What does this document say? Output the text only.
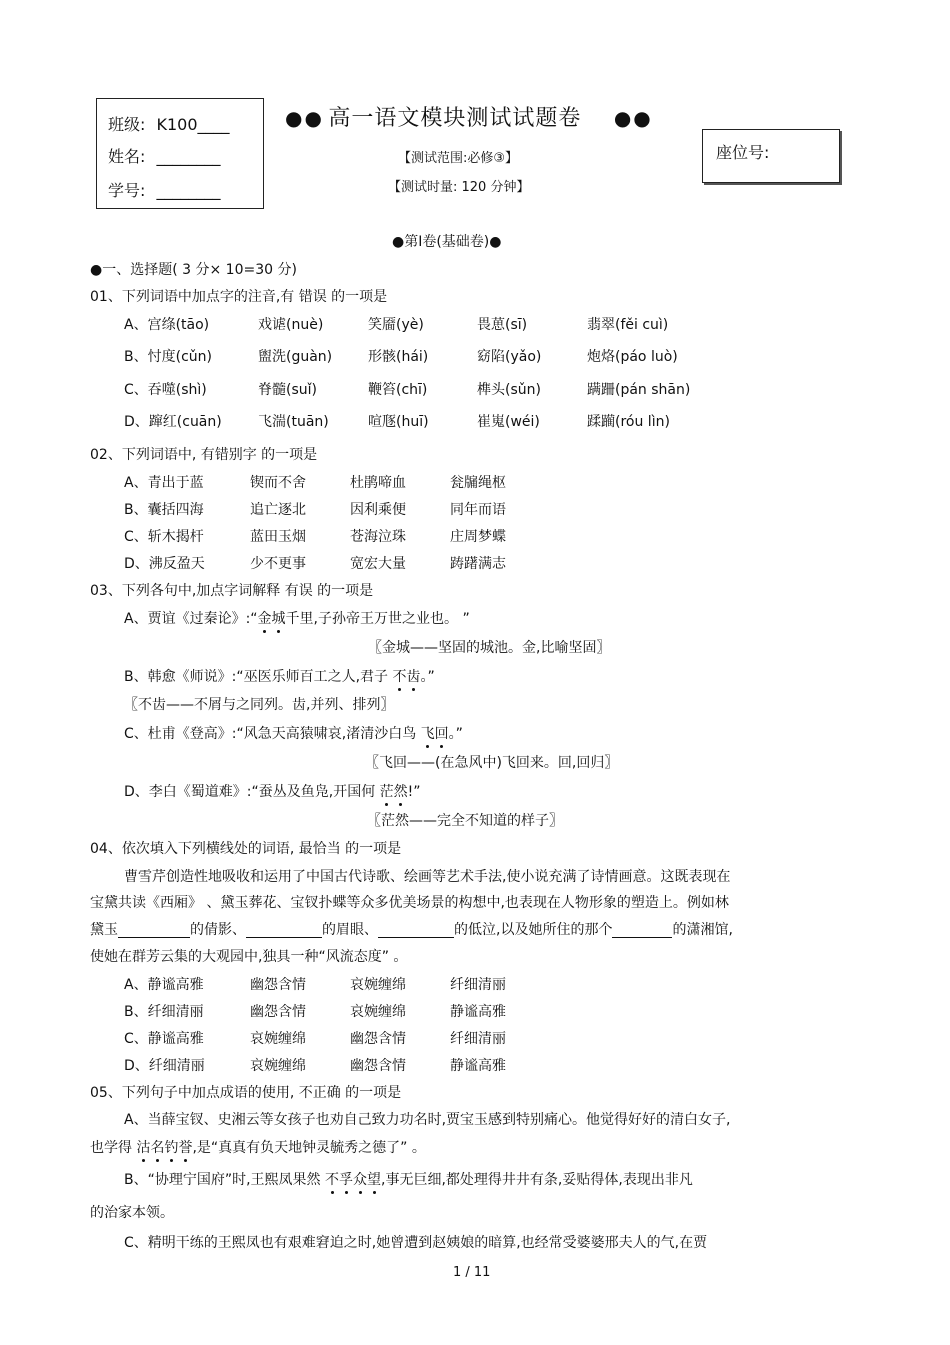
班级: K100____
姓名: ________
学号: ________
●● 高一语文模块测试试题卷 ●●
【测试范围:必修③】
【测试时量: 120 分钟】
座位号:
●第Ⅰ卷(基础卷)●
●一、选择题( 3 分× 10=30 分)
01、下列词语中加点字的注音,有 错误 的一项是
A、宫绦(tāo)	戏谑(nuè)	笑靥(yè)	畏葸(sī)	翡翠(fěi cuì)
B、忖度(cǔn)	盥洗(guàn)	形骸(hái)	窈陷(yǎo)	炮烙(páo luò)
C、吞噬(shì)	脊髓(suǐ)	鞭笞(chī)	榫头(sǔn)	蹒跚(pán shān)
D、蹿红(cuān)	飞湍(tuān)	喧豗(huī)	崔嵬(wéi)	蹂躏(róu lìn)
02、下列词语中, 有错别字 的一项是
A、青出于蓝	锲而不舍	杜鹃啼血	瓮牖绳枢
B、囊括四海	追亡逐北	因利乘便	同年而语
C、斩木揭杆	蓝田玉烟	苍海泣珠	庄周梦蝶
D、沸反盈天	少不更事	宽宏大量	踌躇满志
03、下列各句中,加点字词解释 有误 的一项是
A、贾谊《过秦论》:“金城千里,子孙帝王万世之业也。 ”
〖金城——坚固的城池。金,比喻坚固〗
B、韩愈《师说》:“巫医乐师百工之人,君子 不齿。”
〖不齿——不屑与之同列。齿,并列、排列〗
C、杜甫《登高》:“风急天高猿啸哀,渚清沙白鸟 飞回。”
〖飞回——(在急风中)飞回来。回,回归〗
D、李白《蜀道难》:“蚕丛及鱼凫,开国何 茫然!”
〖茫然——完全不知道的样子〗
04、依次填入下列横线处的词语, 最恰当 的一项是
曹雪芹创造性地吸收和运用了中国古代诗歌、绘画等艺术手法,使小说充满了诗情画意。这既表现在
宝黛共读《西厢》 、黛玉葬花、宝钗扑蝶等众多优美场景的构想中,也表现在人物形象的塑造上。例如林
黛玉	的倩影、	的眉眼、	的低泣,以及她所住的那个	的潇湘馆,
使她在群芳云集的大观园中,独具一种“风流态度” 。
A、静谧高雅	幽怨含情	哀婉缠绵	纤细清丽
B、纤细清丽	幽怨含情	哀婉缠绵	静谧高雅
C、静谧高雅	哀婉缠绵	幽怨含情	纤细清丽
D、纤细清丽	哀婉缠绵	幽怨含情	静谧高雅
05、下列句子中加点成语的使用, 不正确 的一项是
A、当薛宝钗、史湘云等女孩子也劝自己致力功名时,贾宝玉感到特别痛心。他觉得好好的清白女子,
也学得 沽名钓誉,是“真真有负天地钟灵毓秀之德了” 。
B、“协理宁国府”时,王熙凤果然 不孚众望,事无巨细,都处理得井井有条,妥贴得体,表现出非凡
的治家本领。
C、精明干练的王熙凤也有艰难窘迫之时,她曾遭到赵姨娘的暗算,也经常受婆婆邢夫人的气,在贾
1 / 11
